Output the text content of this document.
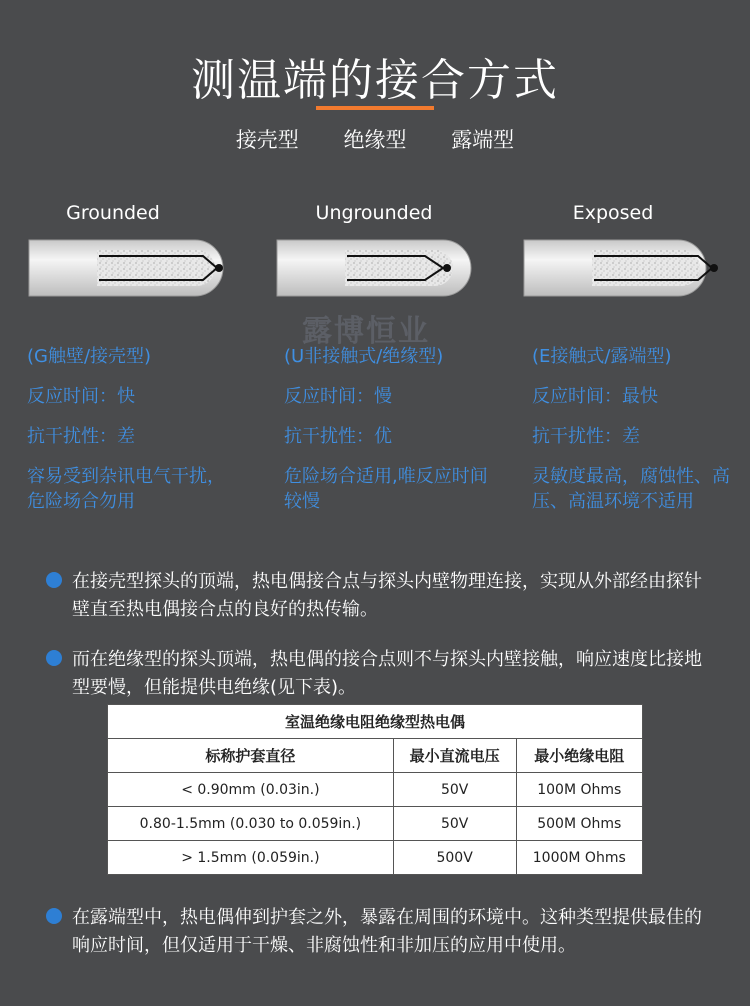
测温端的接合方式
接壳型 绝缘型 露端型
Grounded	Ungrounded	Exposed
露博恒业

(G触壁/接壳型)

反应时间：快

抗干扰性：差

容易受到杂讯电气干扰，危险场合勿用

(U非接触式/绝缘型)

反应时间：慢

抗干扰性：优

危险场合适用,唯反应时间较慢

(E接触式/露端型)

反应时间：最快

抗干扰性：差

灵敏度最高，腐蚀性、高压、高温环境不适用

在接壳型探头的顶端，热电偶接合点与探头内壁物理连接，实现从外部经由探针壁直至热电偶接合点的良好的热传输。
而在绝缘型的探头顶端，热电偶的接合点则不与探头内壁接触，响应速度比接地型要慢，但能提供电绝缘(见下表)。
室温绝缘电阻绝缘型热电偶		
标称护套直径	最小直流电压	最小绝缘电阻
< 0.90mm (0.03in.)	50V	100M Ohms
0.80-1.5mm (0.030 to 0.059in.)	50V	500M Ohms
> 1.5mm (0.059in.)	500V	1000M Ohms
在露端型中，热电偶伸到护套之外，暴露在周围的环境中。这种类型提供最佳的响应时间，但仅适用于干燥、非腐蚀性和非加压的应用中使用。
